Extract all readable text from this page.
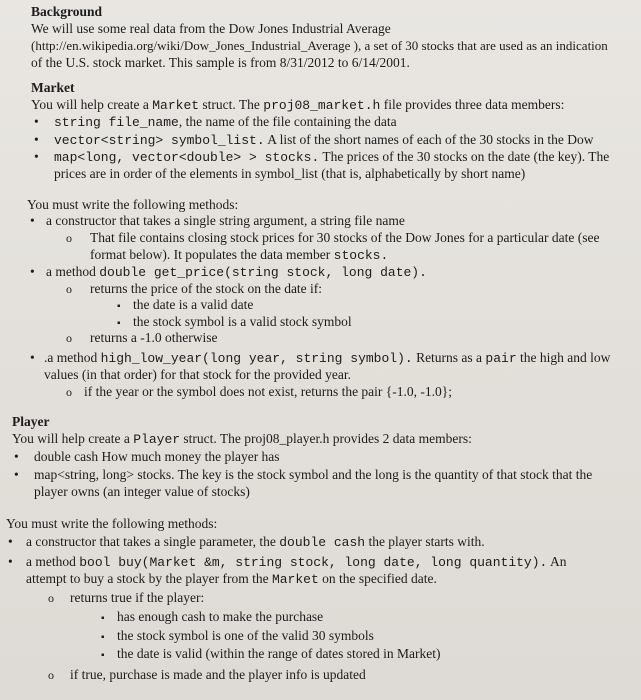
Background

We will use some real data from the Dow Jones Industrial Average

(http://en.wikipedia.org/wiki/Dow_Jones_Industrial_Average ), a set of 30 stocks that are used as an indication

of the U.S. stock market. This sample is from 8/31/2012 to 6/14/2001.

Market

You will help create a Market struct. The proj08_market.h file provides three data members:

•
string file_name, the name of the file containing the data
•
vector<string> symbol_list. A list of the short names of each of the 30 stocks in the Dow
•
map<long, vector<double> > stocks. The prices of the 30 stocks on the date (the key). The

prices are in order of the elements in symbol_list (that is, alphabetically by short name)

You must write the following methods:

•
a constructor that takes a single string argument, a string file name
o
That file contains closing stock prices for 30 stocks of the Dow Jones for a particular date (see

format below). It populates the data member stocks.

•
a method double get_price(string stock, long date).
o
returns the price of the stock on the date if:
▪
the date is a valid date
▪
the stock symbol is a valid stock symbol
o
returns a -1.0 otherwise
•
.a method high_low_year(long year, string symbol). Returns as a pair the high and low

values (in that order) for that stock for the provided year.

o
if the year or the symbol does not exist, returns the pair {-1.0, -1.0};

Player

You will help create a Player struct. The proj08_player.h provides 2 data members:

•
double cash How much money the player has
•
map<string, long> stocks. The key is the stock symbol and the long is the quantity of that stock that the

player owns (an integer value of stocks)

You must write the following methods:

•
a constructor that takes a single parameter, the double cash the player starts with.
•
a method bool buy(Market &m, string stock, long date, long quantity). An

attempt to buy a stock by the player from the Market on the specified date.

o
returns true if the player:
▪
has enough cash to make the purchase
▪
the stock symbol is one of the valid 30 symbols
▪
the date is valid (within the range of dates stored in Market)
o
if true, purchase is made and the player info is updated
